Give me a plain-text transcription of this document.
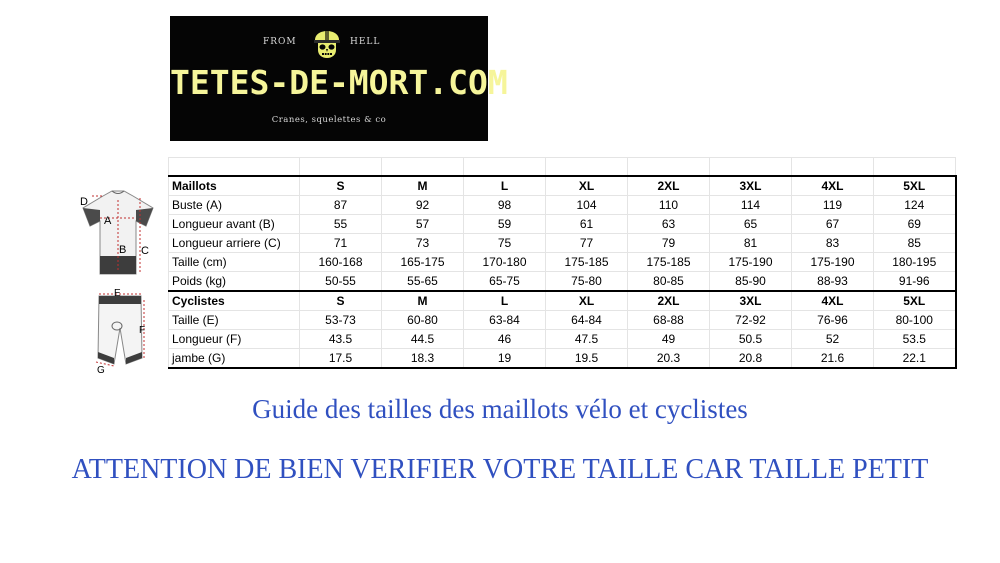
FROM	HELL
TETES-DE-MORT.COM
Cranes, squelettes & co
D
A
B C
E
F
G

Maillots	S	M	L	XL	2XL	3XL	4XL	5XL
Buste (A)	87	92	98	104	110	114	119	124
Longueur avant (B)	55	57	59	61	63	65	67	69
Longueur arriere (C)	71	73	75	77	79	81	83	85
Taille (cm)	160-168	165-175	170-180	175-185	175-185	175-190	175-190	180-195
Poids (kg)	50-55	55-65	65-75	75-80	80-85	85-90	88-93	91-96
Cyclistes	S	M	L	XL	2XL	3XL	4XL	5XL
Taille (E)	53-73	60-80	63-84	64-84	68-88	72-92	76-96	80-100
Longueur (F)	43.5	44.5	46	47.5	49	50.5	52	53.5
jambe (G)	17.5	18.3	19	19.5	20.3	20.8	21.6	22.1
Guide des tailles des maillots vélo et cyclistes
ATTENTION DE BIEN VERIFIER VOTRE TAILLE CAR TAILLE PETIT
